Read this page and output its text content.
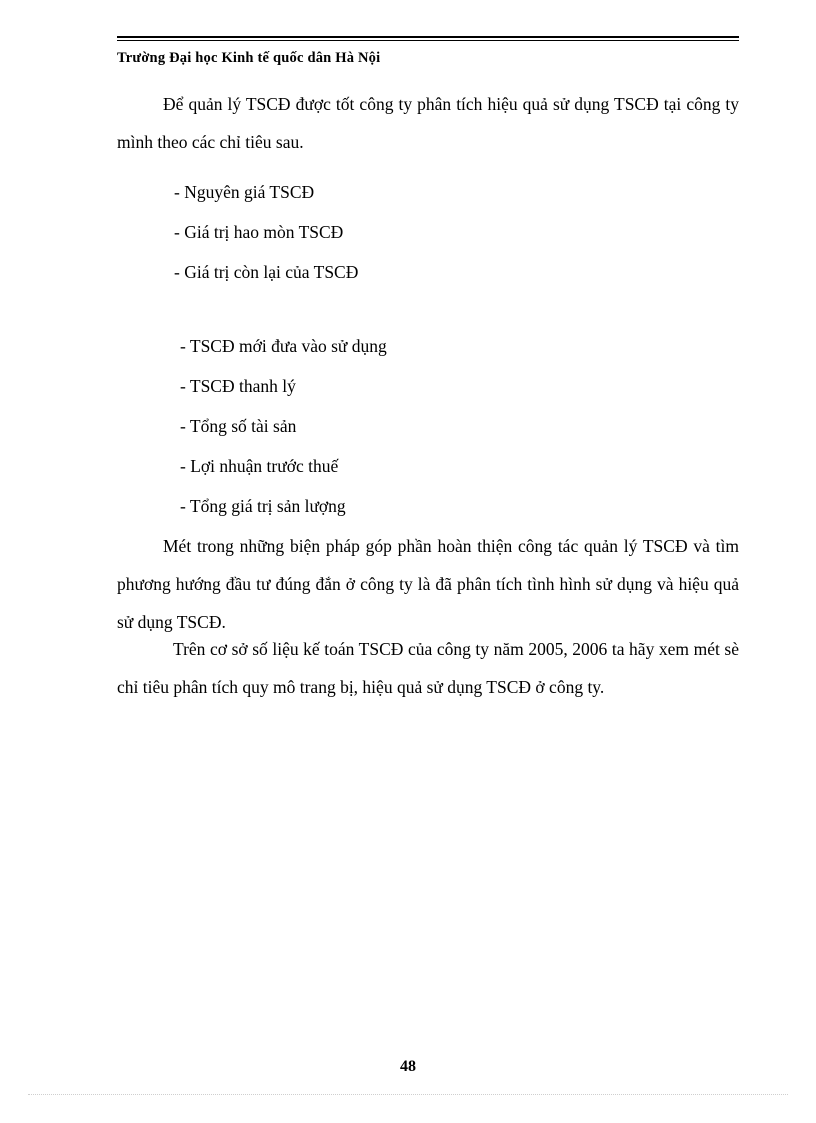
Trường Đại học Kinh tế quốc dân Hà Nội

Để quản lý TSCĐ được tốt công ty phân tích hiệu quả sử dụng TSCĐ tại công ty mình theo các chỉ tiêu sau.

- Nguyên giá TSCĐ
- Giá trị hao mòn TSCĐ
- Giá trị còn lại của TSCĐ
- TSCĐ mới đưa vào sử dụng
- TSCĐ thanh lý
- Tổng số tài sản
- Lợi nhuận trước thuế
- Tổng giá trị sản lượng

Mét trong những biện pháp góp phần hoàn thiện công tác quản lý TSCĐ và tìm phương hướng đầu tư đúng đắn ở công ty là đã phân tích tình hình sử dụng và hiệu quả sử dụng TSCĐ.

Trên cơ sở số liệu kế toán TSCĐ của công ty năm 2005, 2006 ta hãy xem mét sè chỉ tiêu phân tích quy mô trang bị, hiệu quả sử dụng TSCĐ ở công ty.

48
